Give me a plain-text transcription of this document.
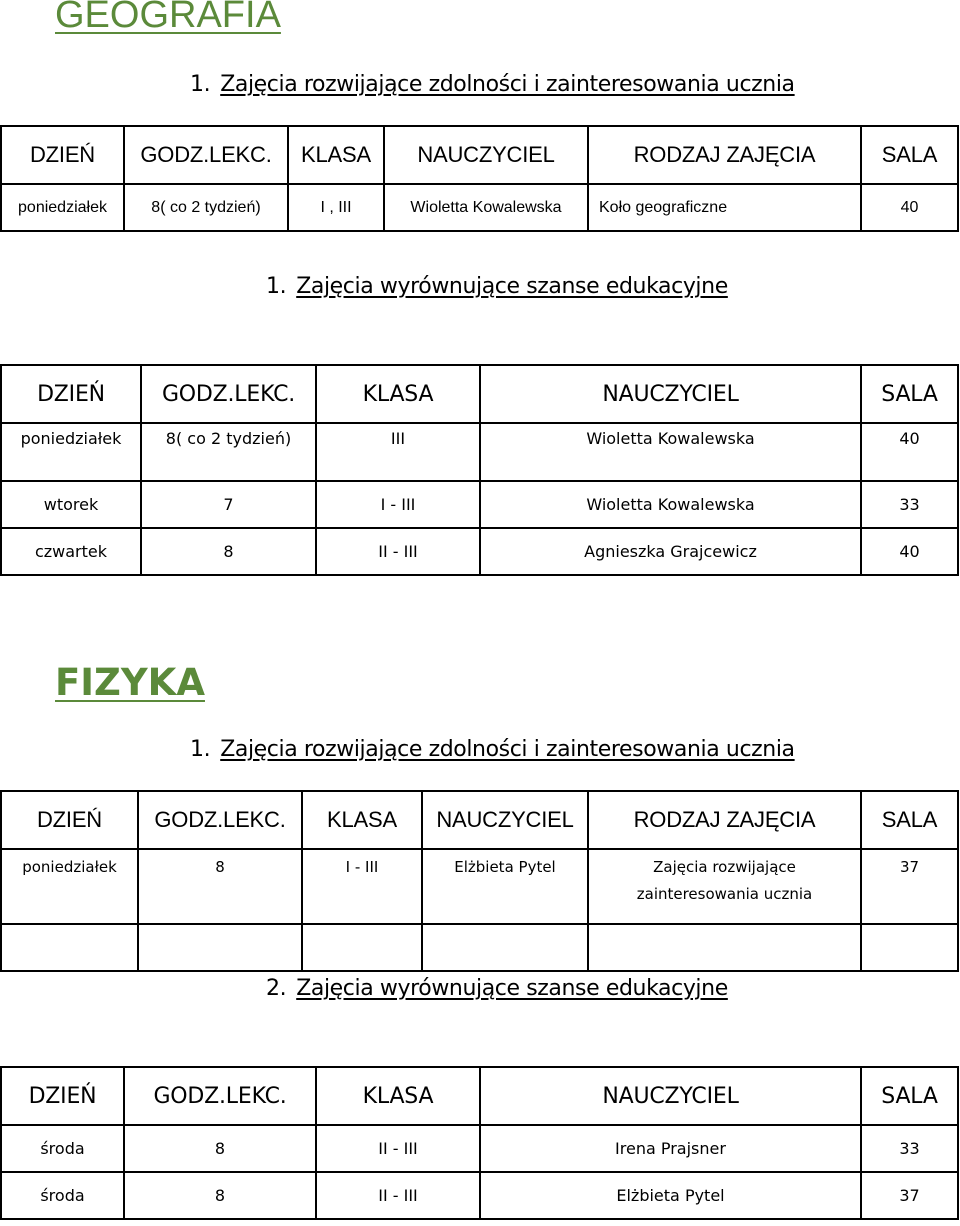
GEOGRAFIA
1. Zajęcia rozwijające zdolności i zainteresowania ucznia
DZIEŃ	GODZ.LEKC.	KLASA	NAUCZYCIEL	RODZAJ ZAJĘCIA	SALA
poniedziałek	8( co 2 tydzień)	I , III	Wioletta Kowalewska	Koło geograficzne	40
1. Zajęcia wyrównujące szanse edukacyjne
DZIEŃ	GODZ.LEKC.	KLASA	NAUCZYCIEL	SALA
poniedziałek	8( co 2 tydzień)	III	Wioletta Kowalewska	40
wtorek	7	I - III	Wioletta Kowalewska	33
czwartek	8	II - III	Agnieszka Grajcewicz	40
FIZYKA
1. Zajęcia rozwijające zdolności i zainteresowania ucznia
DZIEŃ	GODZ.LEKC.	KLASA	NAUCZYCIEL	RODZAJ ZAJĘCIA	SALA
poniedziałek	8	I - III	Elżbieta Pytel	Zajęcia rozwijające zainteresowania ucznia	37

2. Zajęcia wyrównujące szanse edukacyjne
DZIEŃ	GODZ.LEKC.	KLASA	NAUCZYCIEL	SALA
środa	8	II - III	Irena Prajsner	33
środa	8	II - III	Elżbieta Pytel	37
